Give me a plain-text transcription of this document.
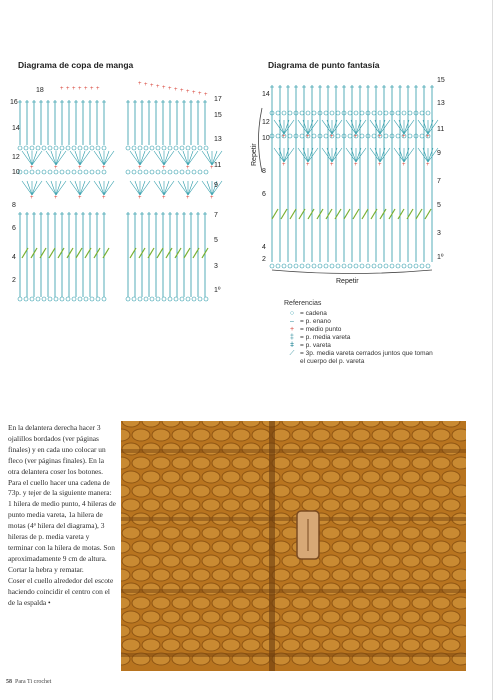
Diagrama de copa de manga	Diagrama de punto fantasía
+	+	+	+
+	+	+	+
+	+	+	+
+	+	+	+
18
16
14
12
10
8
6
4
2
17
15
13
11
9
7
5
3
1º
+ + + + + + +
+ + + + + + + + + + + +
+	+	+	+	+	+	+
+	+	+	+	+	+	+
14
12
10
8
6
4
2
15
13
11
9
7
5
3
1º
Repetir
Repetir
Referencias
○ = cadena
– = p. enano
+ = medio punto
‡ = p. media vareta
ǂ = p. vareta
⟋ = 3p. media vareta cerrados juntos que toman el cuerpo del p. vareta
En la delantera derecha hacer 3 ojalillos bordados (ver páginas finales) y en cada uno colocar un fleco (ver páginas finales). En la otra delantera coser los botones.
Para el cuello hacer una cadena de 73p. y tejer de la siguiente manera: 1 hilera de medio punto, 4 hileras de punto media vareta, 1a hilera de motas (4ª hilera del diagrama), 3 hileras de p. media vareta y terminar con la hilera de motas. Son aproximadamente 9 cm de altura. Cortar la hebra y rematar.
Coser el cuello alrededor del escote haciendo coincidir el centro con el de la espalda •
58 Para Ti crochet
